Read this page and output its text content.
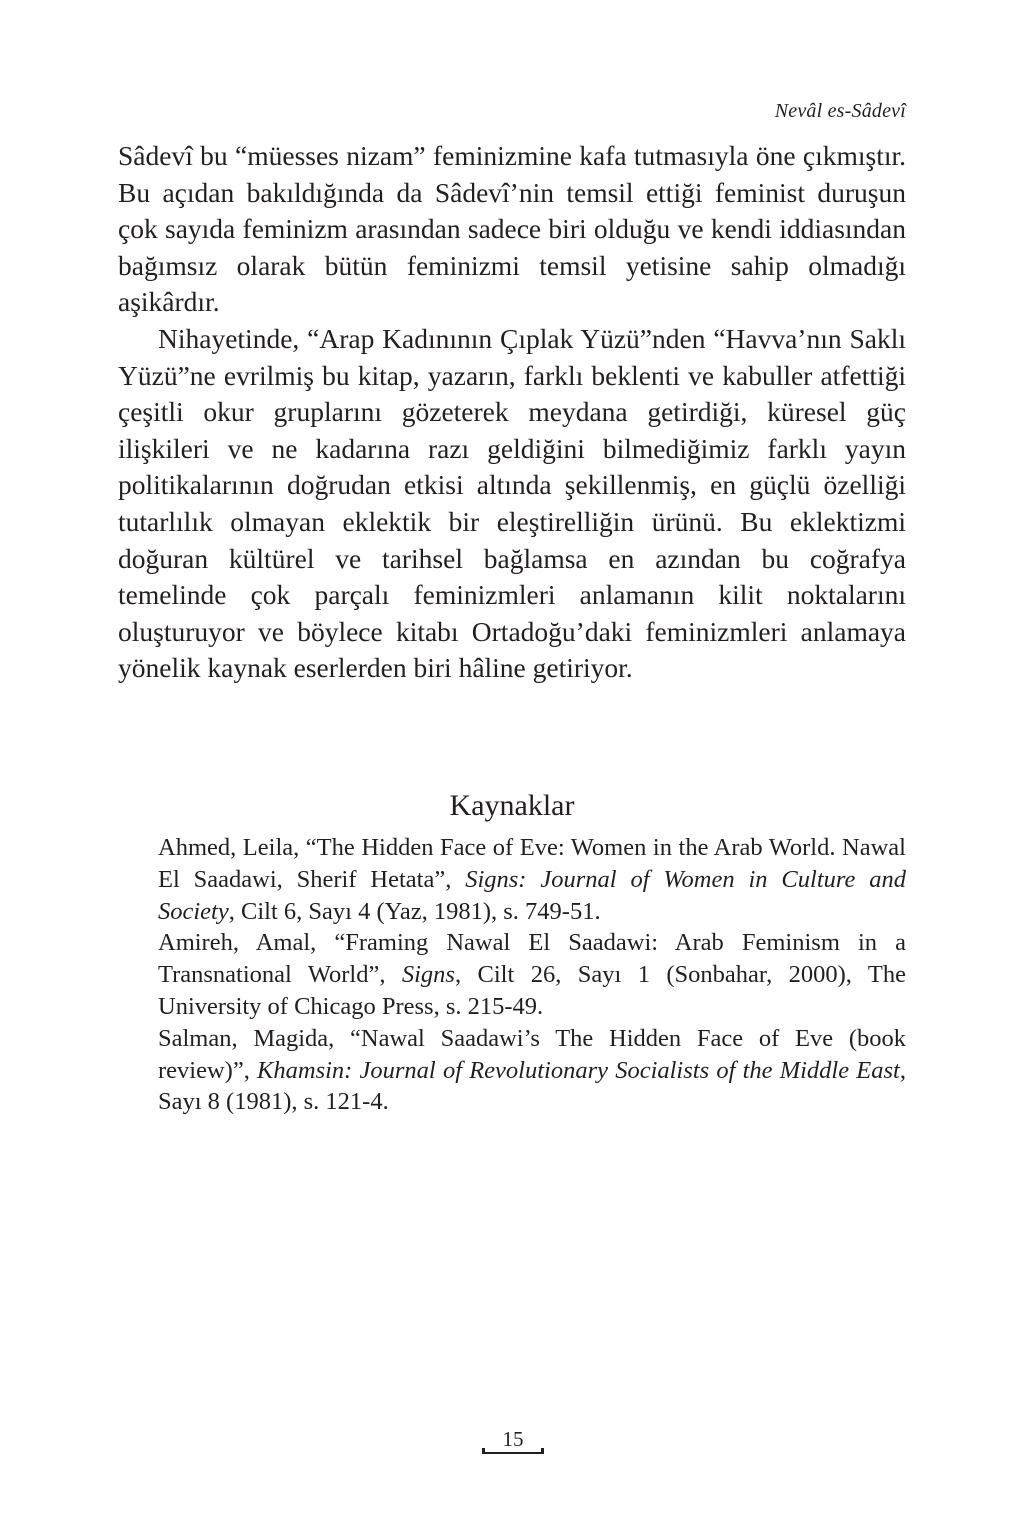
Nevâl es-Sâdevî

Sâdevî bu “müesses nizam” feminizmine kafa tutmasıyla öne çıkmıştır. Bu açıdan bakıldığında da Sâdevî’nin temsil ettiği feminist duruşun çok sayıda feminizm arasından sadece biri olduğu ve kendi iddiasından bağımsız olarak bütün feminizmi temsil yetisine sahip olmadığı aşikârdır.

Nihayetinde, “Arap Kadınının Çıplak Yüzü”nden “Havva’nın Saklı Yüzü”ne evrilmiş bu kitap, yazarın, farklı beklenti ve kabuller atfettiği çeşitli okur gruplarını gözeterek meydana getirdiği, küresel güç ilişkileri ve ne kadarına razı geldiğini bilmediğimiz farklı yayın politikalarının doğrudan etkisi altında şekillenmiş, en güçlü özelliği tutarlılık olmayan eklektik bir eleştirelliğin ürünü. Bu eklektizmi doğuran kültürel ve tarihsel bağlamsa en azından bu coğrafya temelinde çok parçalı feminizmleri anlamanın kilit noktalarını oluşturuyor ve böylece kitabı Ortadoğu’daki feminizmleri anlamaya yönelik kaynak eserlerden biri hâline getiriyor.

Kaynaklar

Ahmed, Leila, “The Hidden Face of Eve: Women in the Arab World. Nawal El Saadawi, Sherif Hetata”, Signs: Journal of Women in Culture and Society, Cilt 6, Sayı 4 (Yaz, 1981), s. 749-51.

Amireh, Amal, “Framing Nawal El Saadawi: Arab Feminism in a Transnational World”, Signs, Cilt 26, Sayı 1 (Sonbahar, 2000), The University of Chicago Press, s. 215-49.

Salman, Magida, “Nawal Saadawi’s The Hidden Face of Eve (book review)”, Khamsin: Journal of Revolutionary Socialists of the Middle East, Sayı 8 (1981), s. 121-4.

15
